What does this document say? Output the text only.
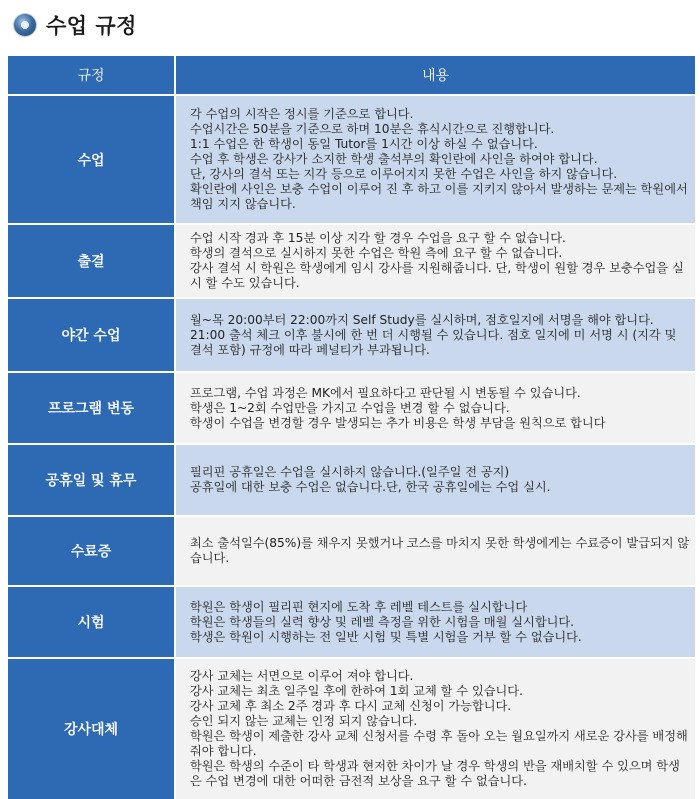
수업 규정
규정	내용
수업
각 수업의 시작은 정시를 기준으로 합니다.
수업시간은 50분을 기준으로 하며 10분은 휴식시간으로 진행합니다.
1:1 수업은 한 학생이 동일 Tutor를 1시간 이상 하실 수 없습니다.
수업 후 학생은 강사가 소지한 학생 출석부의 확인란에 사인을 하여야 합니다.
단, 강사의 결석 또는 지각 등으로 이루어지지 못한 수업은 사인을 하지 않습니다.
확인란에 사인은 보충 수업이 이루어 진 후 하고 이를 지키지 않아서 발생하는 문제는 학원에서 책임 지지 않습니다.
출결
수업 시작 경과 후 15분 이상 지각 할 경우 수업을 요구 할 수 없습니다.
학생의 결석으로 실시하지 못한 수업은 학원 측에 요구 할 수 없습니다.
강사 결석 시 학원은 학생에게 임시 강사를 지원해줍니다. 단, 학생이 원할 경우 보충수업을 실시 할 수도 있습니다.
야간 수업
월~목 20:00부터 22:00까지 Self Study를 실시하며, 점호일지에 서명을 해야 합니다.
21:00 출석 체크 이후 불시에 한 번 더 시행될 수 있습니다. 점호 일지에 미 서명 시 (지각 및 결석 포함) 규정에 따라 페널티가 부과됩니다.
프로그램 변동
프로그램, 수업 과정은 MK에서 필요하다고 판단될 시 변동될 수 있습니다.
학생은 1~2회 수업만을 가지고 수업을 변경 할 수 없습니다.
학생이 수업을 변경할 경우 발생되는 추가 비용은 학생 부담을 원칙으로 합니다
공휴일 및 휴무
필리핀 공휴일은 수업을 실시하지 않습니다.(일주일 전 공지)
공휴일에 대한 보충 수업은 없습니다.단, 한국 공휴일에는 수업 실시.
수료증
최소 출석일수(85%)를 채우지 못했거나 코스를 마치지 못한 학생에게는 수료증이 발급되지 않습니다.
시험
학원은 학생이 필리핀 현지에 도착 후 레벨 테스트를 실시합니다
학원은 학생들의 실력 향상 및 레벨 측정을 위한 시험을 매월 실시합니다.
학생은 학원이 시행하는 전 일반 시험 및 특별 시험을 거부 할 수 없습니다.
강사대체
강사 교체는 서면으로 이루어 져야 합니다.
강사 교체는 최초 일주일 후에 한하여 1회 교체 할 수 있습니다.
강사 교체 후 최소 2주 경과 후 다시 교체 신청이 가능합니다.
승인 되지 않는 교체는 인정 되지 않습니다.
학원은 학생이 제출한 강사 교체 신청서를 수령 후 돌아 오는 월요일까지 새로운 강사를 배정해줘야 합니다.
학원은 학생의 수준이 타 학생과 현저한 차이가 날 경우 학생의 반을 재배치할 수 있으며 학생은 수업 변경에 대한 어떠한 금전적 보상을 요구 할 수 없습니다.
